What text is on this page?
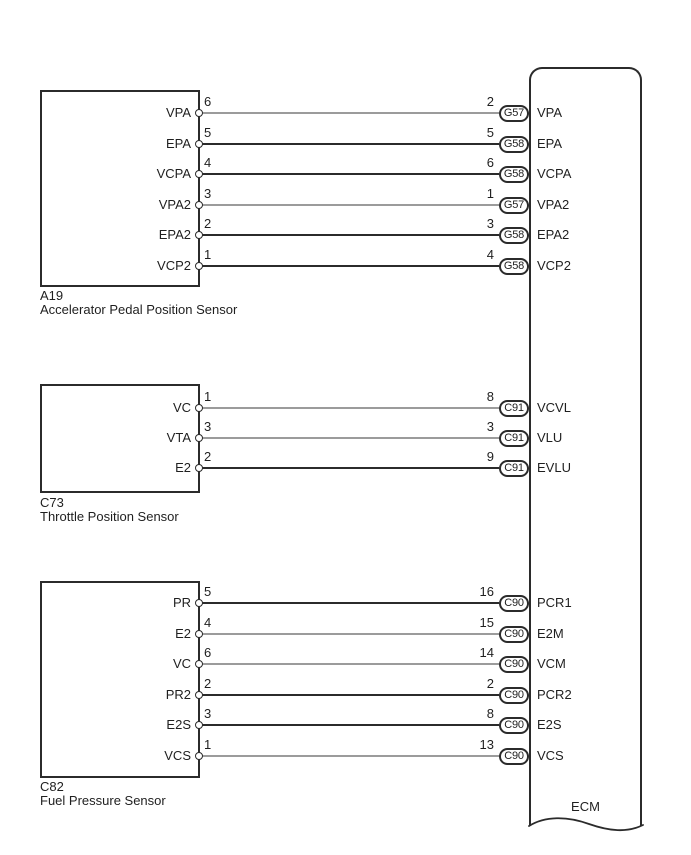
ECM
A19
Accelerator Pedal Position Sensor
C73
Throttle Position Sensor
C82
Fuel Pressure Sensor
VPA
6	2
G57 VPA
EPA
5	5
G58 EPA
VCPA
4	6
G58 VCPA
VPA2
3	1
G57 VPA2
EPA2
2	3
G58 EPA2
VCP2
1	4
G58 VCP2
VC
1	8
C91	VCVL
VTA
3	3
C91	VLU
E2
2	9
C91	EVLU
PR
5	16
C90	PCR1
E2
4	15
C90	E2M
VC
6	14
C90	VCM
PR2
2	2
C90	PCR2
E2S
3	8
C90	E2S
VCS
1	13
C90	VCS
